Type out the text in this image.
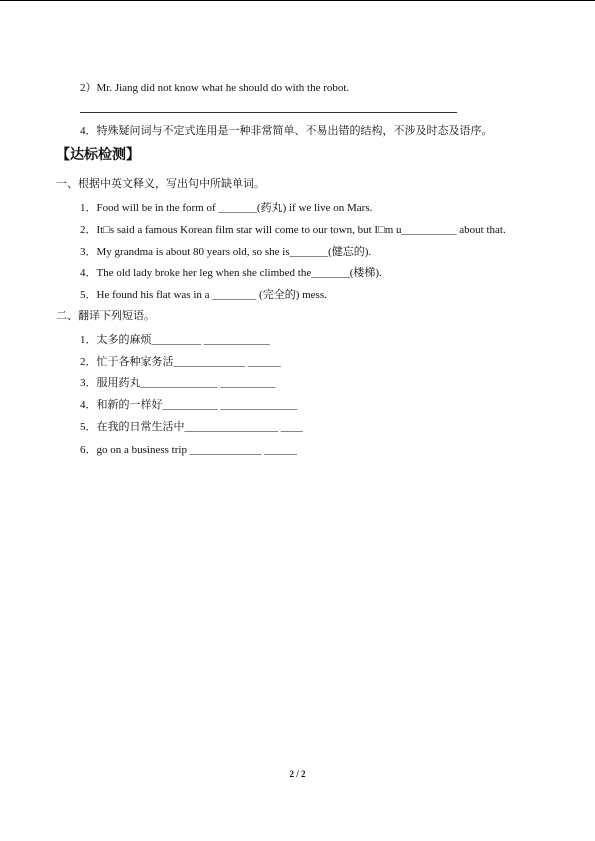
2）Mr. Jiang did not know what he should do with the robot.
4．特殊疑问词与不定式连用是一种非常简单、不易出错的结构，不涉及时态及语序。
【达标检测】
一、根据中英文释义，写出句中所缺单词。
1．Food will be in the form of _______(药丸) if we live on Mars.
2．It□s said a famous Korean film star will come to our town, but I□m u__________ about that.
3．My grandma is about 80 years old, so she is_______(健忘的).
4．The old lady broke her leg when she climbed the_______(楼梯).
5．He found his flat was in a ________ (完全的) mess.
二、翻译下列短语。
1．太多的麻烦_________ ____________
2．忙于各种家务活_____________ ______
3．服用药丸______________ __________
4．和新的一样好__________ ______________
5．在我的日常生活中_________________ ____
6．go on a business trip _____________ ______
2 / 2
